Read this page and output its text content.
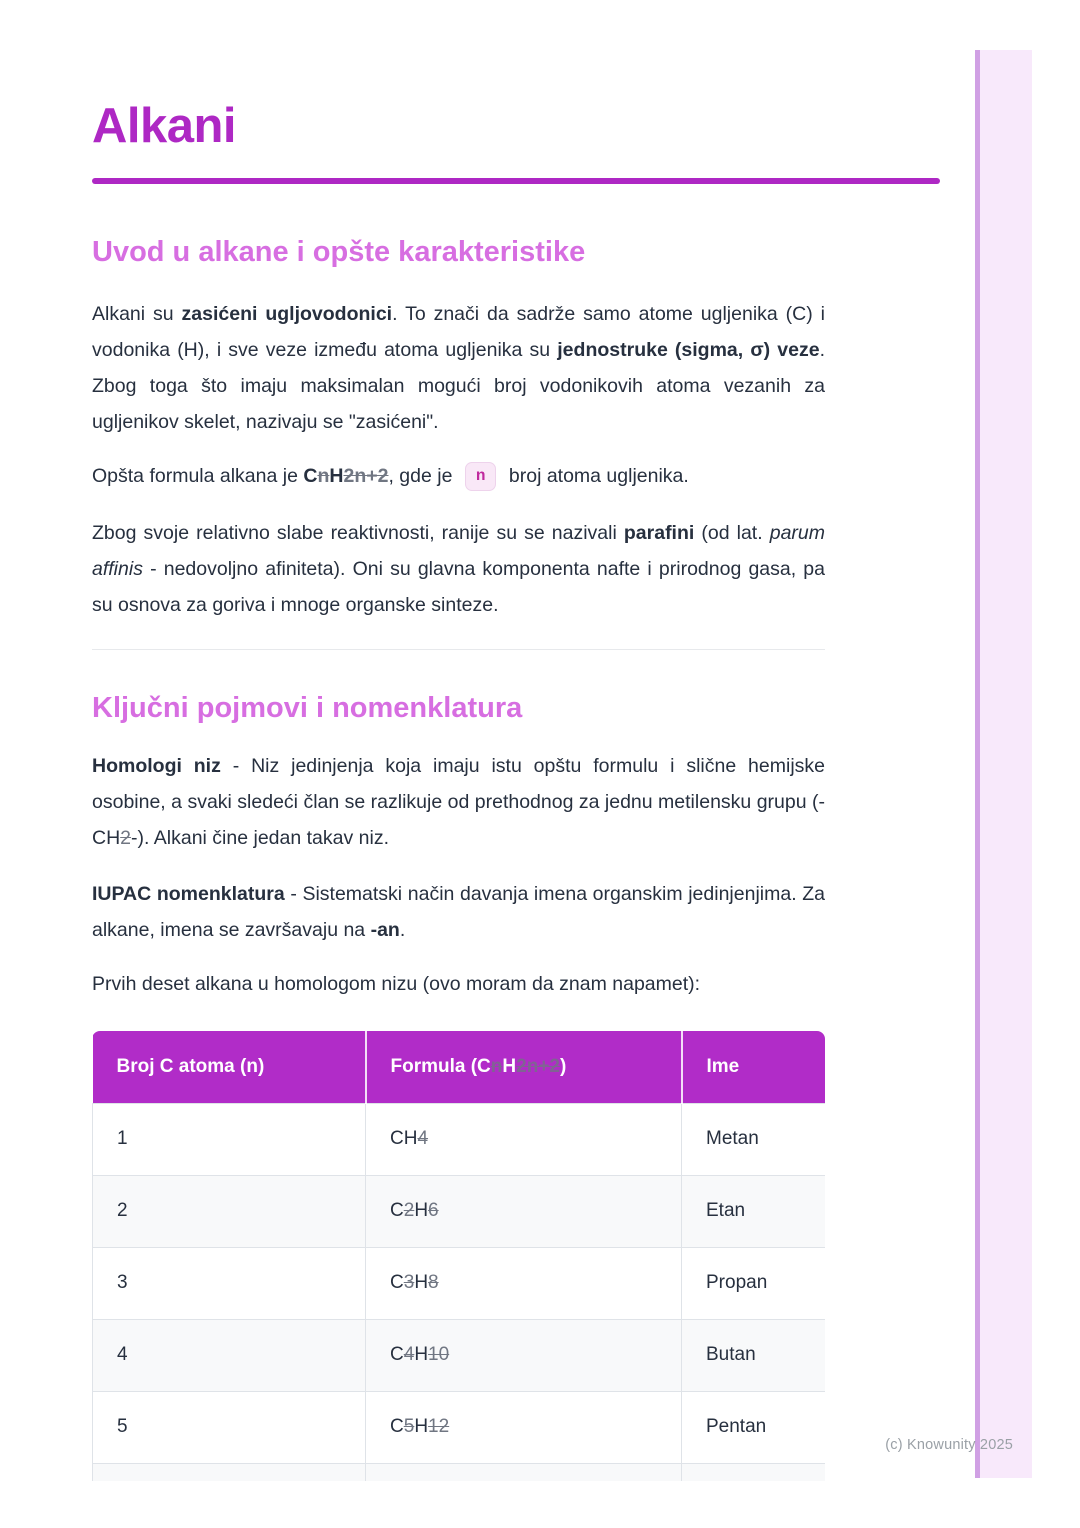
(c) Knowunity 2025
Alkani
Uvod u alkane i opšte karakteristike

Alkani su zasićeni ugljovodonici. To znači da sadrže samo atome ugljenika (C) i vodonika (H), i sve veze između atoma ugljenika su jednostruke (sigma, σ) veze. Zbog toga što imaju maksimalan mogući broj vodonikovih atoma vezanih za ugljenikov skelet, nazivaju se "zasićeni".

Opšta formula alkana je CnH2n+2, gde je n broj atoma ugljenika.

Zbog svoje relativno slabe reaktivnosti, ranije su se nazivali parafini (od lat. parum affinis - nedovoljno afiniteta). Oni su glavna komponenta nafte i prirodnog gasa, pa su osnova za goriva i mnoge organske sinteze.

Ključni pojmovi i nomenklatura

Homologi niz - Niz jedinjenja koja imaju istu opštu formulu i slične hemijske osobine, a svaki sledeći član se razlikuje od prethodnog za jednu metilensku grupu (-CH2-). Alkani čine jedan takav niz.

IUPAC nomenklatura - Sistematski način davanja imena organskim jedinjenjima. Za alkane, imena se završavaju na -an.

Prvih deset alkana u homologom nizu (ovo moram da znam napamet):

Broj C atoma (n)	Formula (CnH2n+2)	Ime
1	CH4	Metan
2	C2H6	Etan
3	C3H8	Propan
4	C4H10	Butan
5	C5H12	Pentan
